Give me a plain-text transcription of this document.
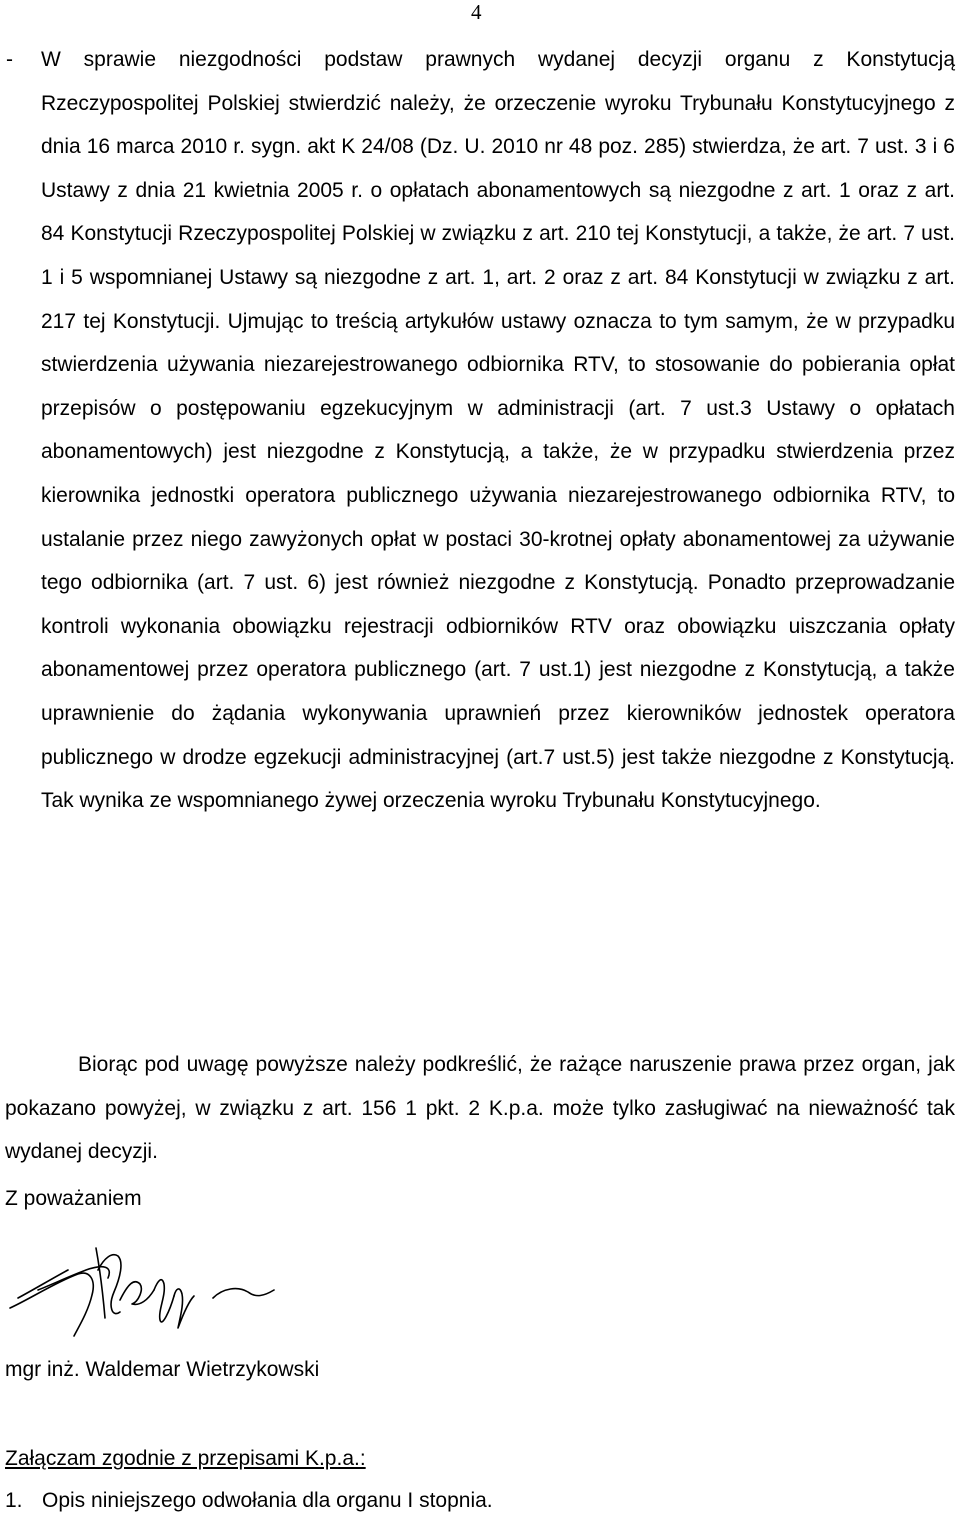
4
- W sprawie niezgodności podstaw prawnych wydanej decyzji organu z Konstytucją Rzeczypospolitej Polskiej stwierdzić należy, że orzeczenie wyroku Trybunału Konstytucyjnego z dnia 16 marca 2010 r. sygn. akt K 24/08 (Dz. U. 2010 nr 48 poz. 285) stwierdza, że art. 7 ust. 3 i 6 Ustawy z dnia 21 kwietnia 2005 r. o opłatach abonamentowych są niezgodne z art. 1 oraz z art. 84 Konstytucji Rzeczypospolitej Polskiej w związku z art. 210 tej Konstytucji, a także, że art. 7 ust. 1 i 5 wspomnianej Ustawy są niezgodne z art. 1, art. 2 oraz z art. 84 Konstytucji w związku z art. 217 tej Konstytucji. Ujmując to treścią artykułów ustawy oznacza to tym samym, że w przypadku stwierdzenia używania niezarejestrowanego odbiornika RTV, to stosowanie do pobierania opłat przepisów o postępowaniu egzekucyjnym w administracji (art. 7 ust.3 Ustawy o opłatach abonamentowych) jest niezgodne z Konstytucją, a także, że w przypadku stwierdzenia przez kierownika jednostki operatora publicznego używania niezarejestrowanego odbiornika RTV, to ustalanie przez niego zawyżonych opłat w postaci 30-krotnej opłaty abonamentowej za używanie tego odbiornika (art. 7 ust. 6) jest również niezgodne z Konstytucją. Ponadto przeprowadzanie kontroli wykonania obowiązku rejestracji odbiorników RTV oraz obowiązku uiszczania opłaty abonamentowej przez operatora publicznego (art. 7 ust.1) jest niezgodne z Konstytucją, a także uprawnienie do żądania wykonywania uprawnień przez kierowników jednostek operatora publicznego w drodze egzekucji administracyjnej (art.7 ust.5) jest także niezgodne z Konstytucją. Tak wynika ze wspomnianego żywej orzeczenia wyroku Trybunału Konstytucyjnego.
Biorąc pod uwagę powyższe należy podkreślić, że rażące naruszenie prawa przez organ, jak pokazano powyżej, w związku z art. 156 1 pkt. 2 K.p.a. może tylko zasługiwać na nieważność tak wydanej decyzji.
Z poważaniem
mgr inż. Waldemar Wietrzykowski
Załączam zgodnie z przepisami K.p.a.:
1. Opis niniejszego odwołania dla organu I stopnia.
